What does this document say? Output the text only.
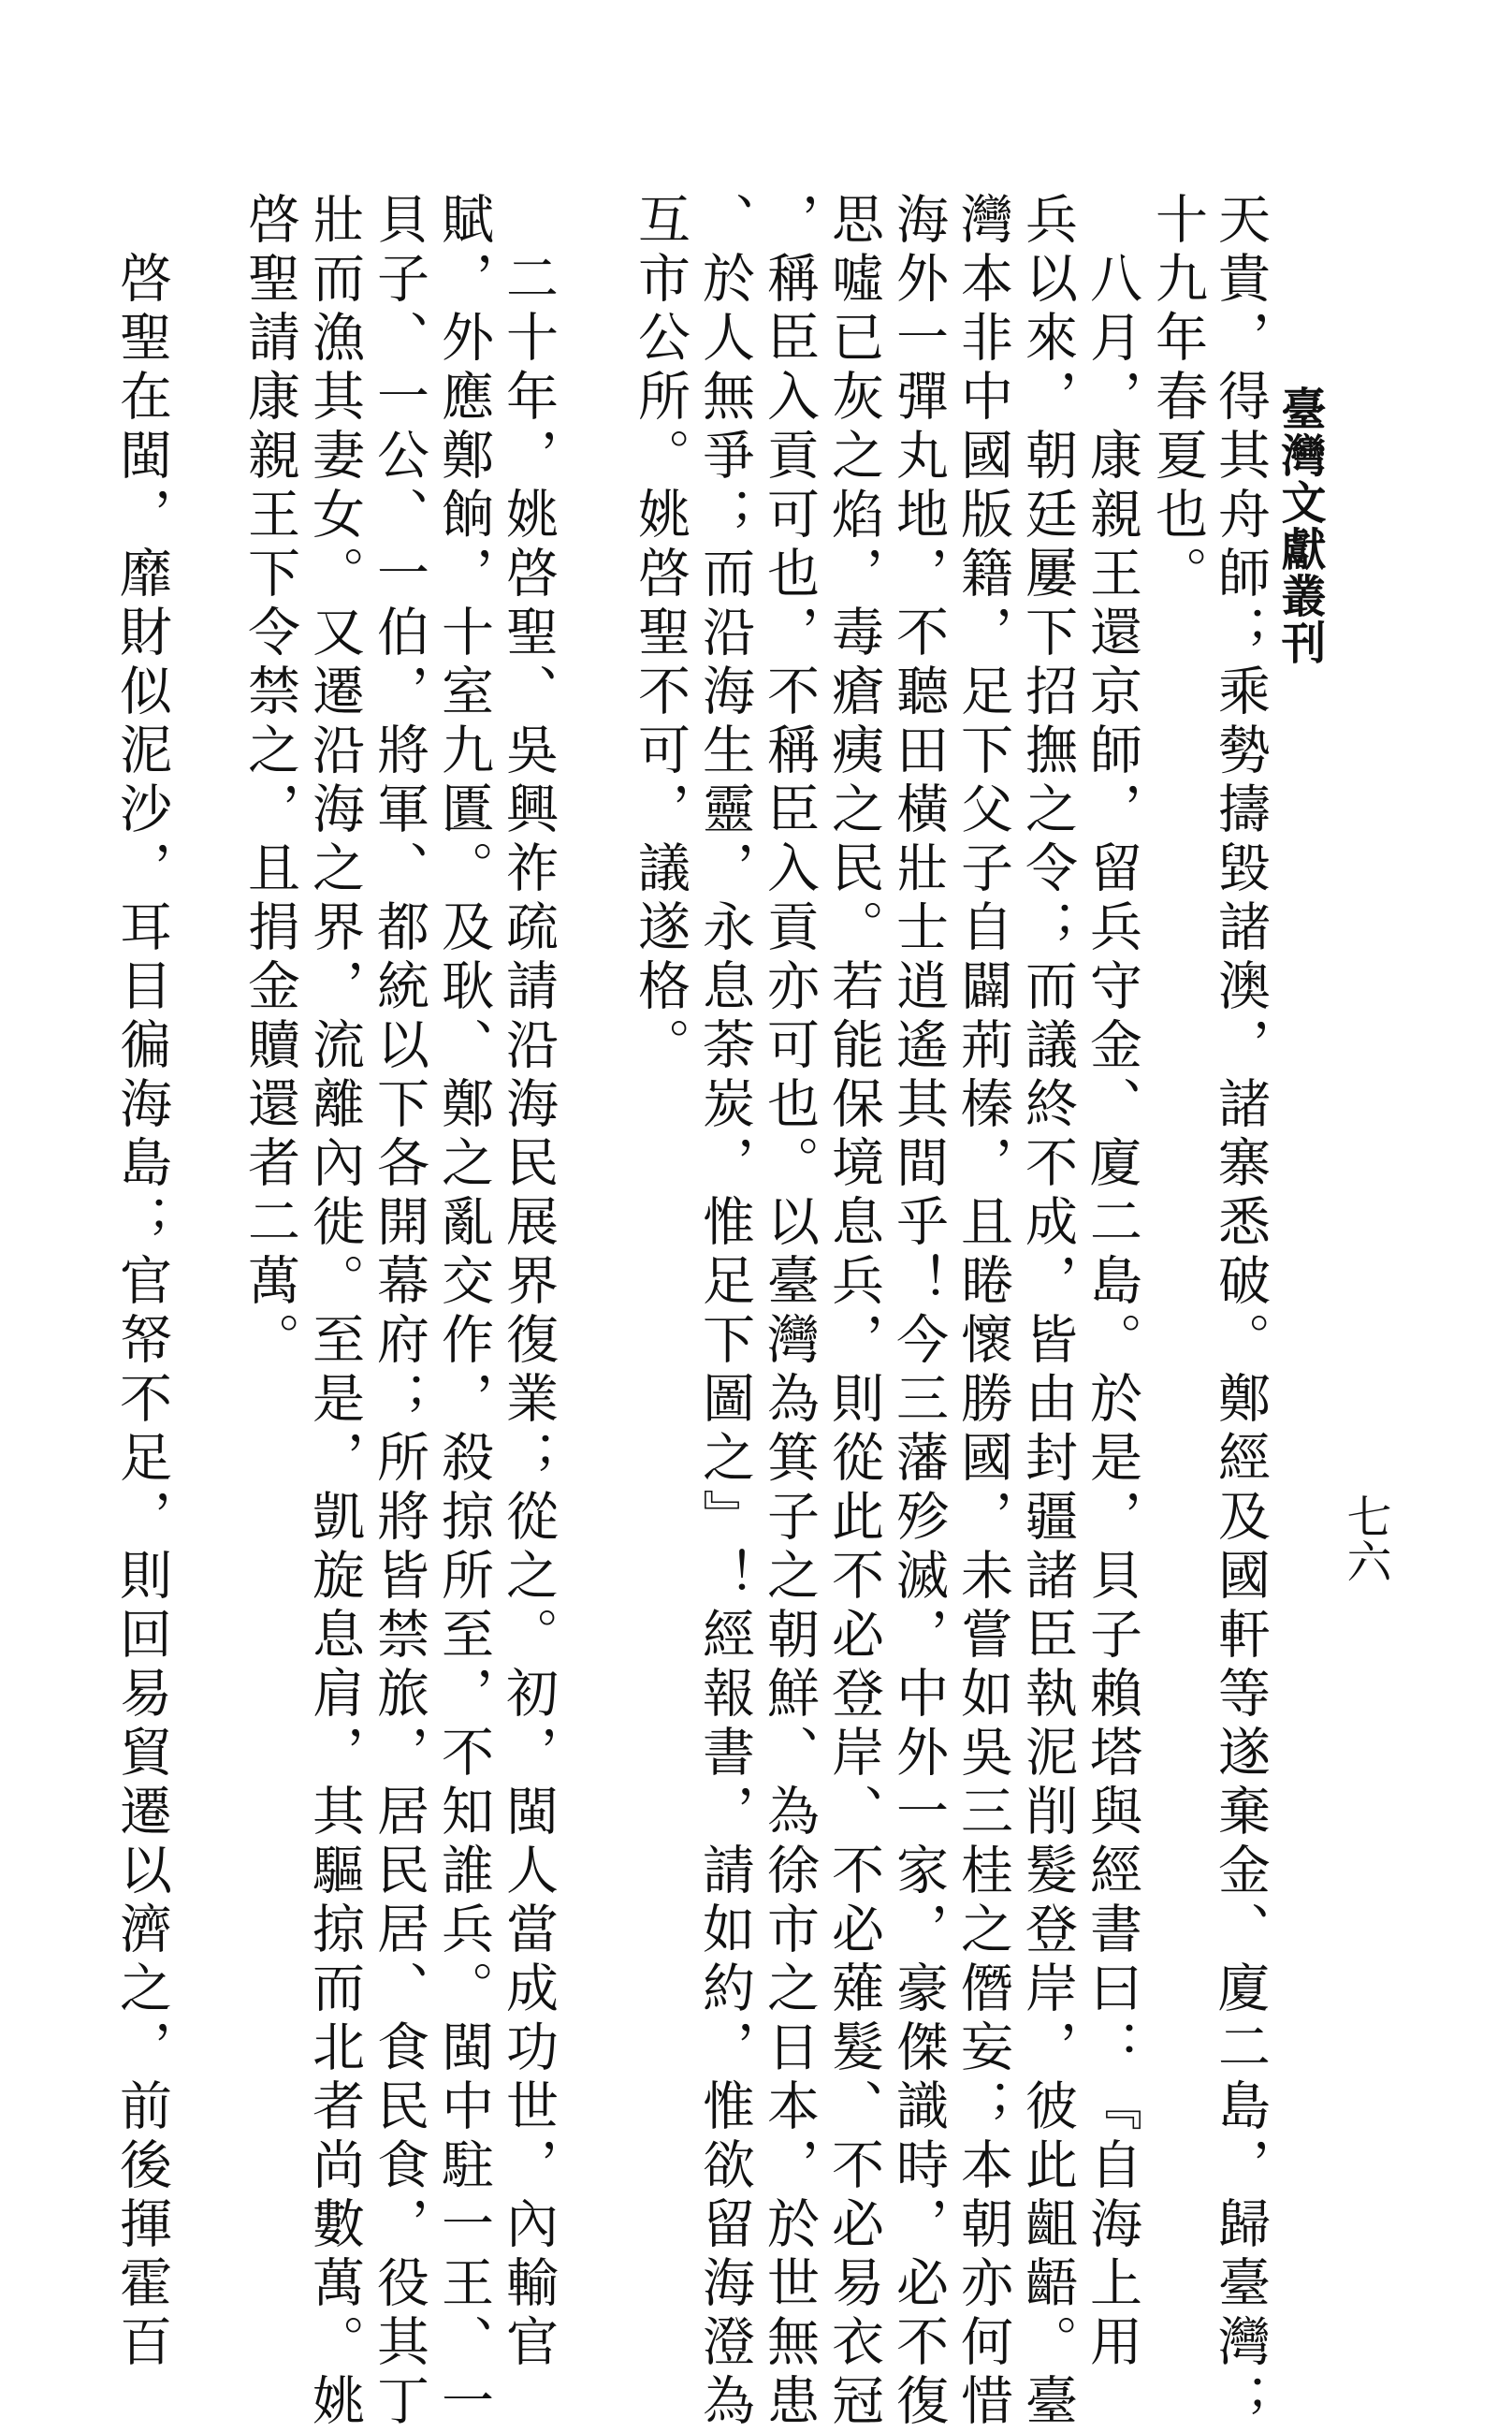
臺灣文獻叢刊
七六
天貴，得其舟師；乘勢擣毀諸澳，諸寨悉破。鄭經及國軒等遂棄金、廈二島，歸臺灣；
十九年春夏也。
八月，康親王還京師，留兵守金、廈二島。於是，貝子賴塔與經書曰：『自海上用
兵以來，朝廷屢下招撫之令；而議終不成，皆由封疆諸臣執泥削髮登岸，彼此齟齬。臺
灣本非中國版籍，足下父子自闢荊榛，且睠懷勝國，未嘗如吳三桂之僭妄；本朝亦何惜
海外一彈丸地，不聽田橫壯士逍遙其間乎！今三藩殄滅，中外一家，豪傑識時，必不復
思噓已灰之焰，毒瘡痍之民。若能保境息兵，則從此不必登岸、不必薙髮、不必易衣冠
，稱臣入貢可也，不稱臣入貢亦可也。以臺灣為箕子之朝鮮、為徐市之日本，於世無患
、於人無爭；而沿海生靈，永息荼炭，惟足下圖之』！經報書，請如約，惟欲留海澄為
互市公所。姚啓聖不可，議遂格。
二十年，姚啓聖、吳興祚疏請沿海民展界復業；從之。初，閩人當成功世，內輸官
賦，外應鄭餉，十室九匱。及耿、鄭之亂交作，殺掠所至，不知誰兵。閩中駐一王、一
貝子、一公、一伯，將軍、都統以下各開幕府；所將皆禁旅，居民居、食民食，役其丁
壯而漁其妻女。又遷沿海之界，流離內徙。至是，凱旋息肩，其驅掠而北者尚數萬。姚
啓聖請康親王下令禁之，且捐金贖還者二萬。
啓聖在閩，靡財似泥沙，耳目徧海島；官帑不足，則回易貿遷以濟之，前後揮霍百
